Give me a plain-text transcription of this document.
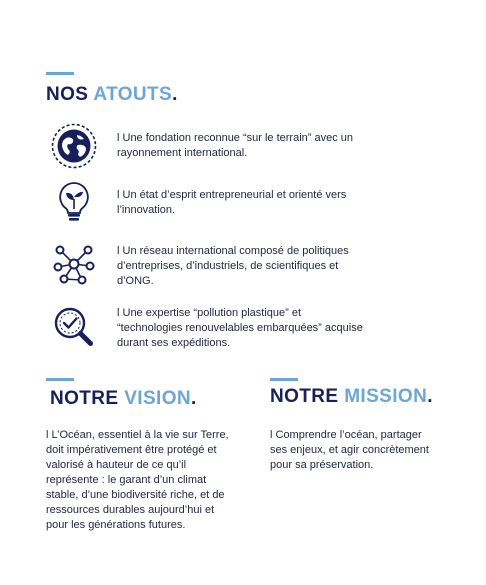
NOS ATOUTS.
l Une fondation reconnue “sur le terrain” avec un rayonnement international.
l Un état d’esprit entrepreneurial et orienté vers l’innovation.
l Un réseau international composé de politiques d’entreprises, d’industriels, de scientifiques et d’ONG.
l Une expertise “pollution plastique” et “technologies renouvelables embarquées” acquise durant ses expéditions.
NOTRE VISION.
l L’Océan, essentiel à la vie sur Terre, doit impérativement être protégé et valorisé à hauteur de ce qu’il représente : le garant d’un climat stable, d’une biodiversité riche, et de ressources durables aujourd’hui et pour les générations futures.
NOTRE MISSION.
l Comprendre l’océan, partager ses enjeux, et agir concrètement pour sa préservation.
